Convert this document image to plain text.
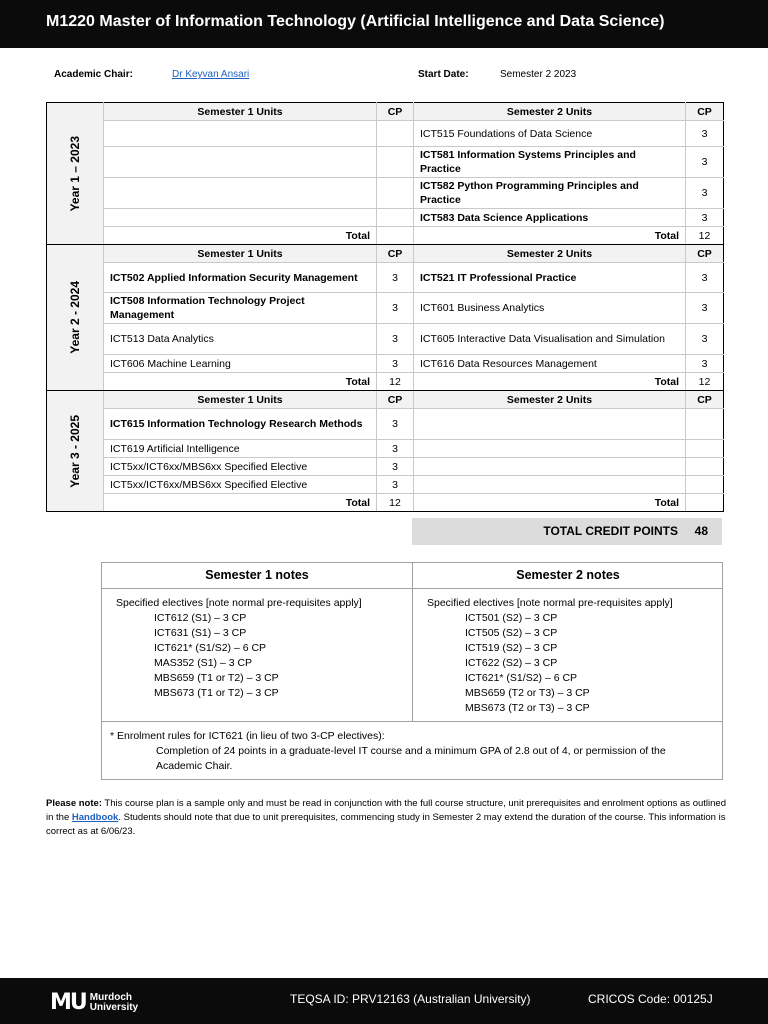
M1220 Master of Information Technology (Artificial Intelligence and Data Science)
Academic Chair:	Dr Keyvan Ansari	Start Date:	Semester 2 2023
Year 1 – 2023	Semester 1 Units	CP	Semester 2 Units	CP
			ICT515 Foundations of Data Science	3
			ICT581 Information Systems Principles and Practice	3
			ICT582 Python Programming Principles and Practice	3
			ICT583 Data Science Applications	3
	Total		Total	12

Year 2 - 2024	Semester 1 Units	CP	Semester 2 Units	CP
	ICT502 Applied Information Security Management	3	ICT521 IT Professional Practice	3
	ICT508 Information Technology Project Management	3	ICT601 Business Analytics	3
	ICT513 Data Analytics	3	ICT605 Interactive Data Visualisation and Simulation	3
	ICT606 Machine Learning	3	ICT616 Data Resources Management	3
	Total	12	Total	12

Year 3 - 2025	Semester 1 Units	CP	Semester 2 Units	CP
	ICT615 Information Technology Research Methods	3		
	ICT619 Artificial Intelligence	3		
	ICT5xx/ICT6xx/MBS6xx Specified Elective	3		
	ICT5xx/ICT6xx/MBS6xx Specified Elective	3		
	Total	12	Total	
TOTAL CREDIT POINTS 48
Semester 1 notes
Specified electives [note normal pre-requisites apply]
ICT612 (S1) – 3 CP
ICT631 (S1) – 3 CP
ICT621* (S1/S2) – 6 CP
MAS352 (S1) – 3 CP
MBS659 (T1 or T2) – 3 CP
MBS673 (T1 or T2) – 3 CP
Semester 2 notes
Specified electives [note normal pre-requisites apply]
ICT501 (S2) – 3 CP
ICT505 (S2) – 3 CP
ICT519 (S2) – 3 CP
ICT622 (S2) – 3 CP
ICT621* (S1/S2) – 6 CP
MBS659 (T2 or T3) – 3 CP
MBS673 (T2 or T3) – 3 CP
* Enrolment rules for ICT621 (in lieu of two 3-CP electives):
Completion of 24 points in a graduate-level IT course and a minimum GPA of 2.8 out of 4, or permission of the Academic Chair.
Please note: This course plan is a sample only and must be read in conjunction with the full course structure, unit prerequisites and enrolment options as outlined in the Handbook. Students should note that due to unit prerequisites, commencing study in Semester 2 may extend the duration of the course. This information is correct as at 6/06/23.
MU Murdoch
University
TEQSA ID: PRV12163 (Australian University)	CRICOS Code: 00125J
